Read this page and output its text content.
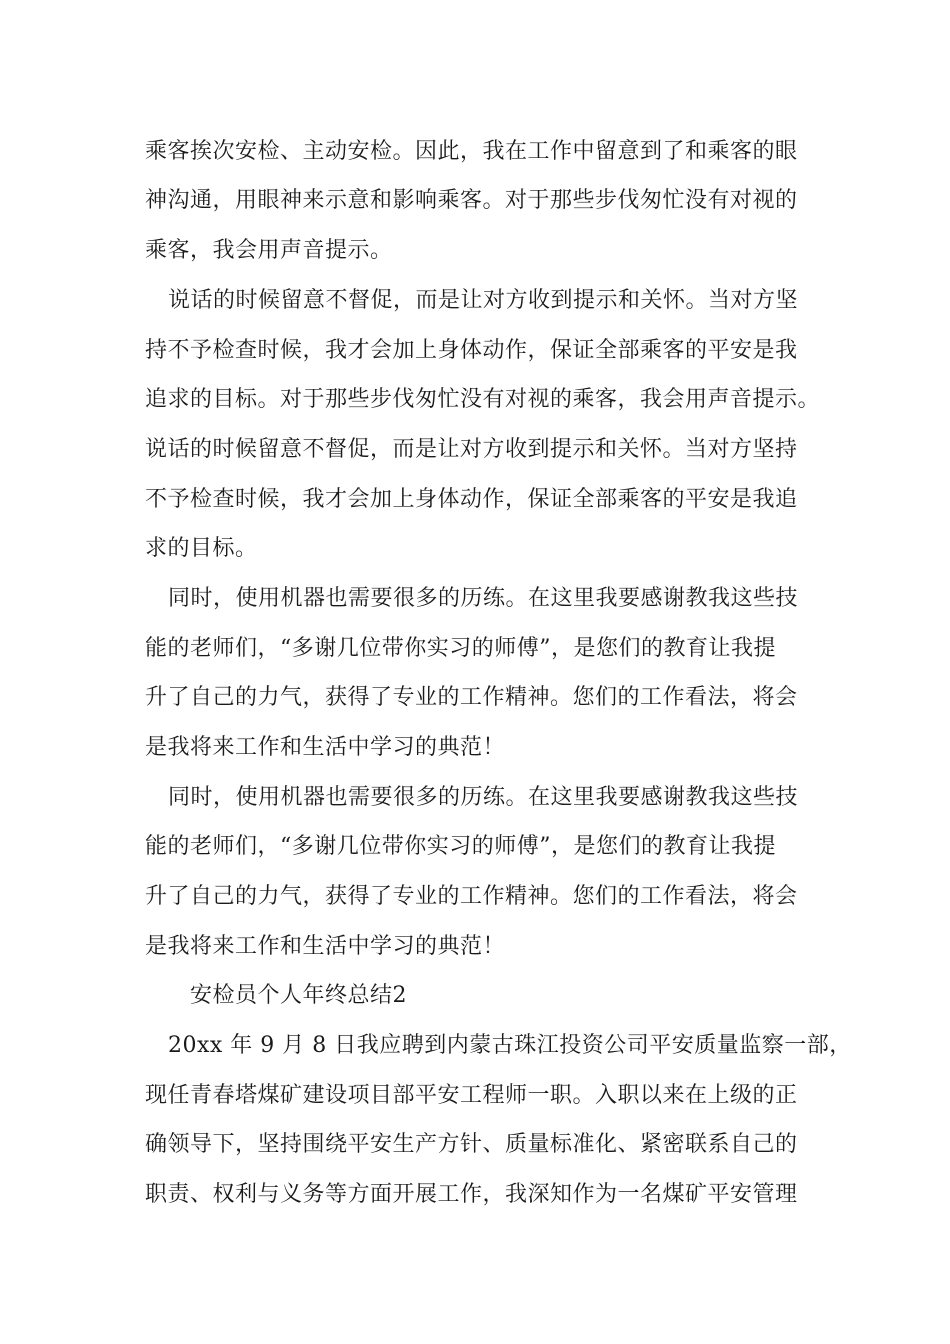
乘客挨次安检、主动安检。因此，我在工作中留意到了和乘客的眼
神沟通，用眼神来示意和影响乘客。对于那些步伐匆忙没有对视的
乘客，我会用声音提示。
说话的时候留意不督促，而是让对方收到提示和关怀。当对方坚
持不予检查时候，我才会加上身体动作，保证全部乘客的平安是我
追求的目标。对于那些步伐匆忙没有对视的乘客，我会用声音提示。
说话的时候留意不督促，而是让对方收到提示和关怀。当对方坚持
不予检查时候，我才会加上身体动作，保证全部乘客的平安是我追
求的目标。
同时，使用机器也需要很多的历练。在这里我要感谢教我这些技
能的老师们，“多谢几位带你实习的师傅”，是您们的教育让我提
升了自己的力气，获得了专业的工作精神。您们的工作看法，将会
是我将来工作和生活中学习的典范！
同时，使用机器也需要很多的历练。在这里我要感谢教我这些技
能的老师们，“多谢几位带你实习的师傅”，是您们的教育让我提
升了自己的力气，获得了专业的工作精神。您们的工作看法，将会
是我将来工作和生活中学习的典范！
安检员个人年终总结2
20xx 年 9 月 8 日我应聘到内蒙古珠江投资公司平安质量监察一部，
现任青春塔煤矿建设项目部平安工程师一职。入职以来在上级的正
确领导下，坚持围绕平安生产方针、质量标准化、紧密联系自己的
职责、权利与义务等方面开展工作，我深知作为一名煤矿平安管理
